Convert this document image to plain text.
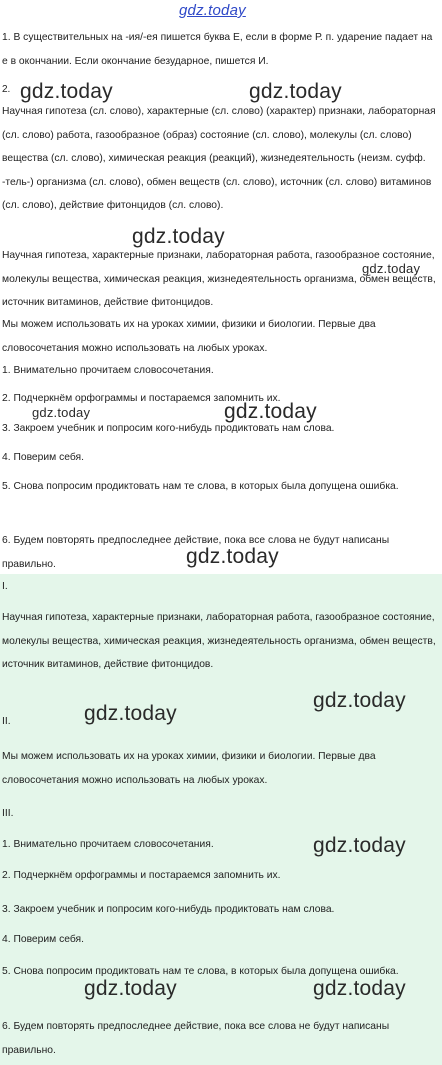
gdz.today
1. В существительных на -ия/-ея пишется буква Е, если в форме Р. п. ударение падает на е в окончании. Если окончание безударное, пишется И.
2.
Научная гипотеза (сл. слово), характерные (сл. слово) (характер) признаки, лабораторная (сл. слово) работа, газообразное (образ) состояние (сл. слово), молекулы (сл. слово) вещества (сл. слово), химическая реакция (реакций), жизнедеятельность (неизм. суфф. -тель-) организма (сл. слово), обмен веществ (сл. слово), источник (сл. слово) витаминов (сл. слово), действие фитонцидов (сл. слово).
Научная гипотеза, характерные признаки, лабораторная работа, газообразное состояние, молекулы вещества, химическая реакция, жизнедеятельность организма, обмен веществ, источник витаминов, действие фитонцидов.
Мы можем использовать их на уроках химии, физики и биологии. Первые два словосочетания можно использовать на любых уроках.
1. Внимательно прочитаем словосочетания.
2. Подчеркнём орфограммы и постараемся запомнить их.
3. Закроем учебник и попросим кого-нибудь продиктовать нам слова.
4. Поверим себя.
5. Снова попросим продиктовать нам те слова, в которых была допущена ошибка.
6. Будем повторять предпоследнее действие, пока все слова не будут написаны правильно.
I.
Научная гипотеза, характерные признаки, лабораторная работа, газообразное состояние, молекулы вещества, химическая реакция, жизнедеятельность организма, обмен веществ, источник витаминов, действие фитонцидов.
II.
Мы можем использовать их на уроках химии, физики и биологии. Первые два словосочетания можно использовать на любых уроках.
III.
1. Внимательно прочитаем словосочетания.
2. Подчеркнём орфограммы и постараемся запомнить их.
3. Закроем учебник и попросим кого-нибудь продиктовать нам слова.
4. Поверим себя.
5. Снова попросим продиктовать нам те слова, в которых была допущена ошибка.
6. Будем повторять предпоследнее действие, пока все слова не будут написаны правильно.
gdz.today	gdz.today
gdz.today
gdz.today
gdz.today	gdz.today
gdz.today
gdz.today
gdz.today
gdz.today
gdz.today	gdz.today
